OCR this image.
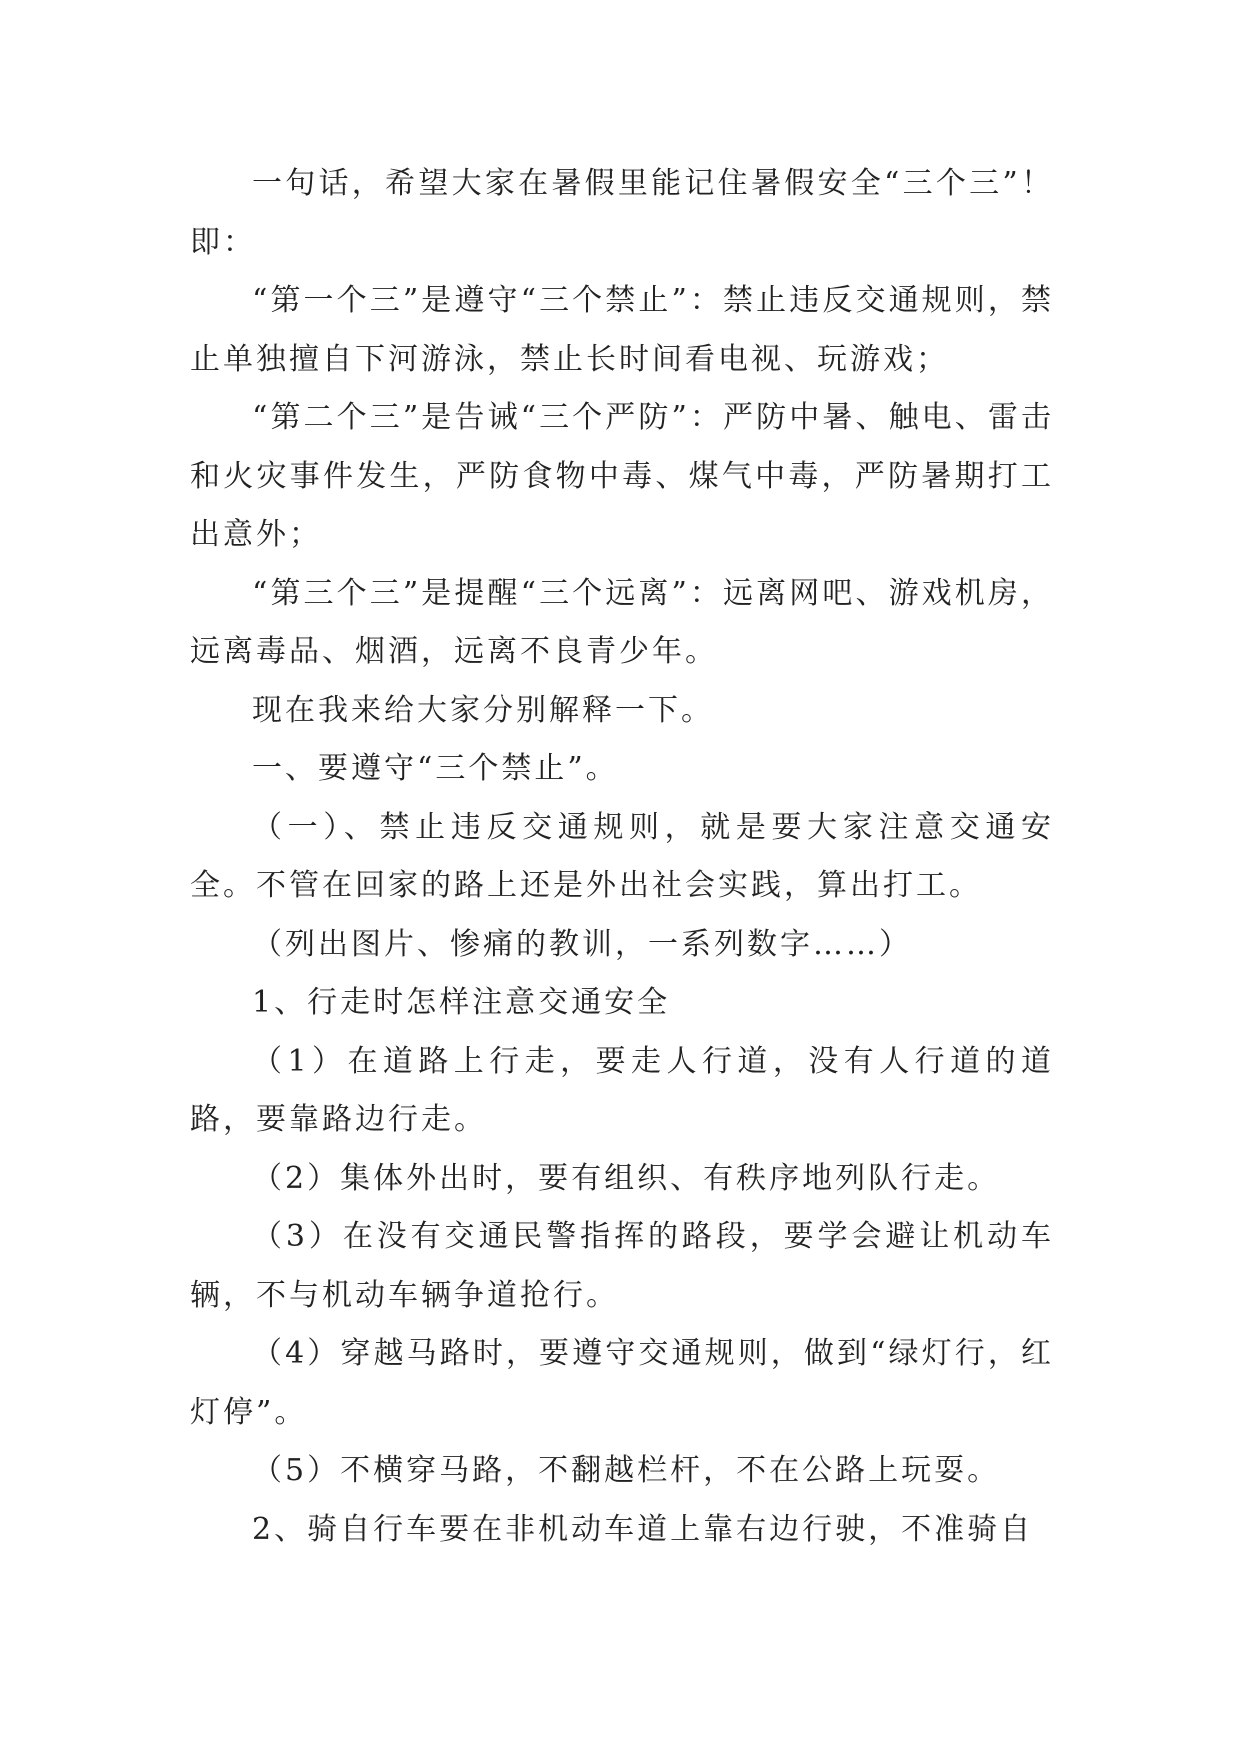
一句话，希望大家在暑假里能记住暑假安全“三个三”！即：

“第一个三”是遵守“三个禁止”：禁止违反交通规则，禁止单独擅自下河游泳，禁止长时间看电视、玩游戏；

“第二个三”是告诫“三个严防”：严防中暑、触电、雷击和火灾事件发生，严防食物中毒、煤气中毒，严防暑期打工出意外；

“第三个三”是提醒“三个远离”：远离网吧、游戏机房，远离毒品、烟酒，远离不良青少年。

现在我来给大家分别解释一下。

一、要遵守“三个禁止”。

（一）、禁止违反交通规则，就是要大家注意交通安全。不管在回家的路上还是外出社会实践，算出打工。

（列出图片、惨痛的教训，一系列数字……）

1、行走时怎样注意交通安全

（1）在道路上行走，要走人行道，没有人行道的道路，要靠路边行走。

（2）集体外出时，要有组织、有秩序地列队行走。

（3）在没有交通民警指挥的路段，要学会避让机动车辆，不与机动车辆争道抢行。

（4）穿越马路时，要遵守交通规则，做到“绿灯行，红灯停”。

（5）不横穿马路，不翻越栏杆，不在公路上玩耍。

2、骑自行车要在非机动车道上靠右边行驶，不准骑自
